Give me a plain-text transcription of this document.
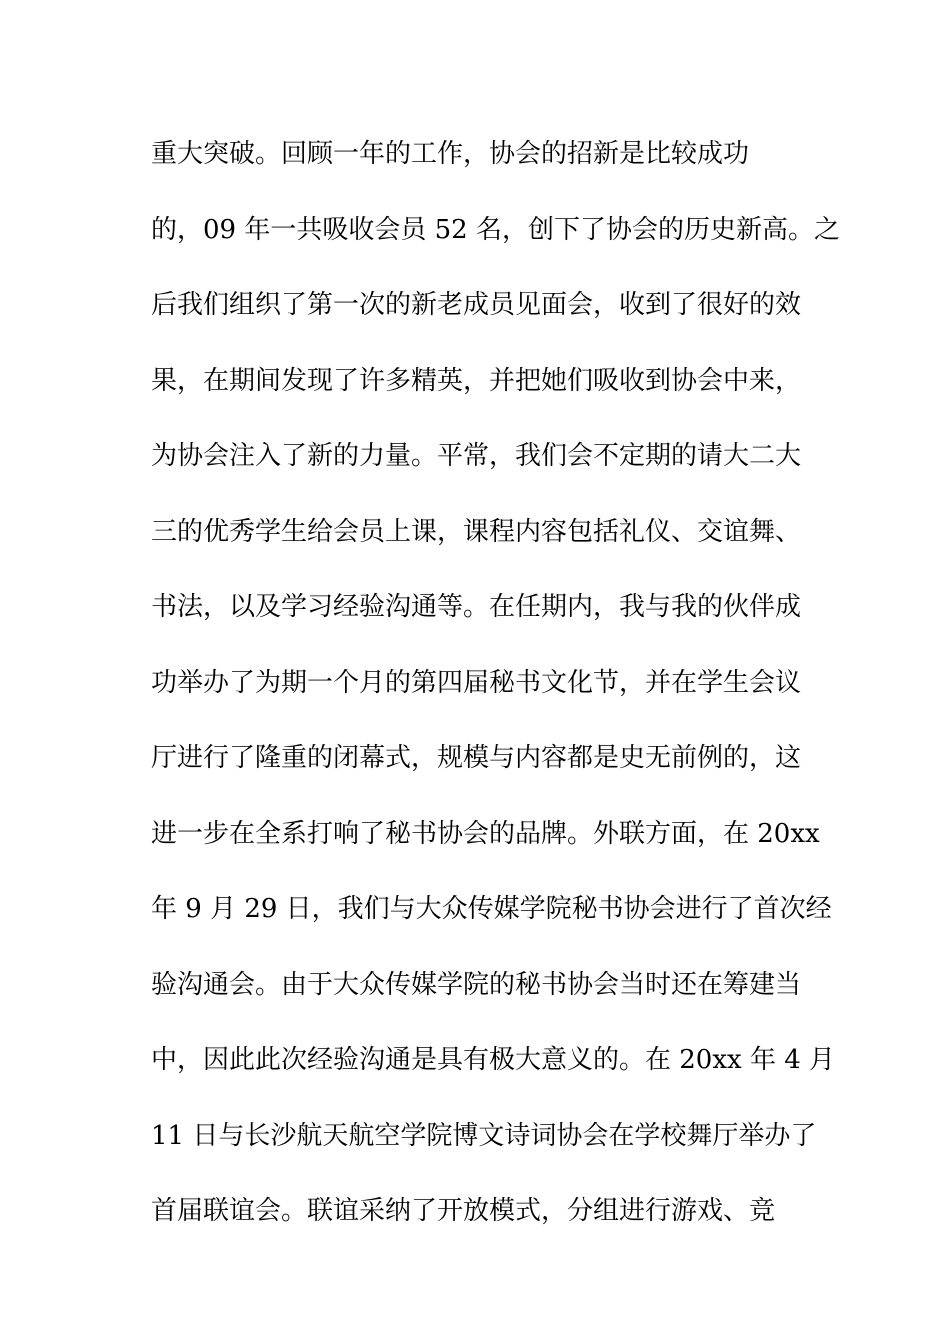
重大突破。回顾一年的工作，协会的招新是比较成功
的，09 年一共吸收会员 52 名，创下了协会的历史新高。之
后我们组织了第一次的新老成员见面会，收到了很好的效
果，在期间发现了许多精英，并把她们吸收到协会中来，
为协会注入了新的力量。平常，我们会不定期的请大二大
三的优秀学生给会员上课，课程内容包括礼仪、交谊舞、
书法，以及学习经验沟通等。在任期内，我与我的伙伴成
功举办了为期一个月的第四届秘书文化节，并在学生会议
厅进行了隆重的闭幕式，规模与内容都是史无前例的，这
进一步在全系打响了秘书协会的品牌。外联方面，在 20xx
年 9 月 29 日，我们与大众传媒学院秘书协会进行了首次经
验沟通会。由于大众传媒学院的秘书协会当时还在筹建当
中，因此此次经验沟通是具有极大意义的。在 20xx 年 4 月
11 日与长沙航天航空学院博文诗词协会在学校舞厅举办了
首届联谊会。联谊采纳了开放模式，分组进行游戏、竞
